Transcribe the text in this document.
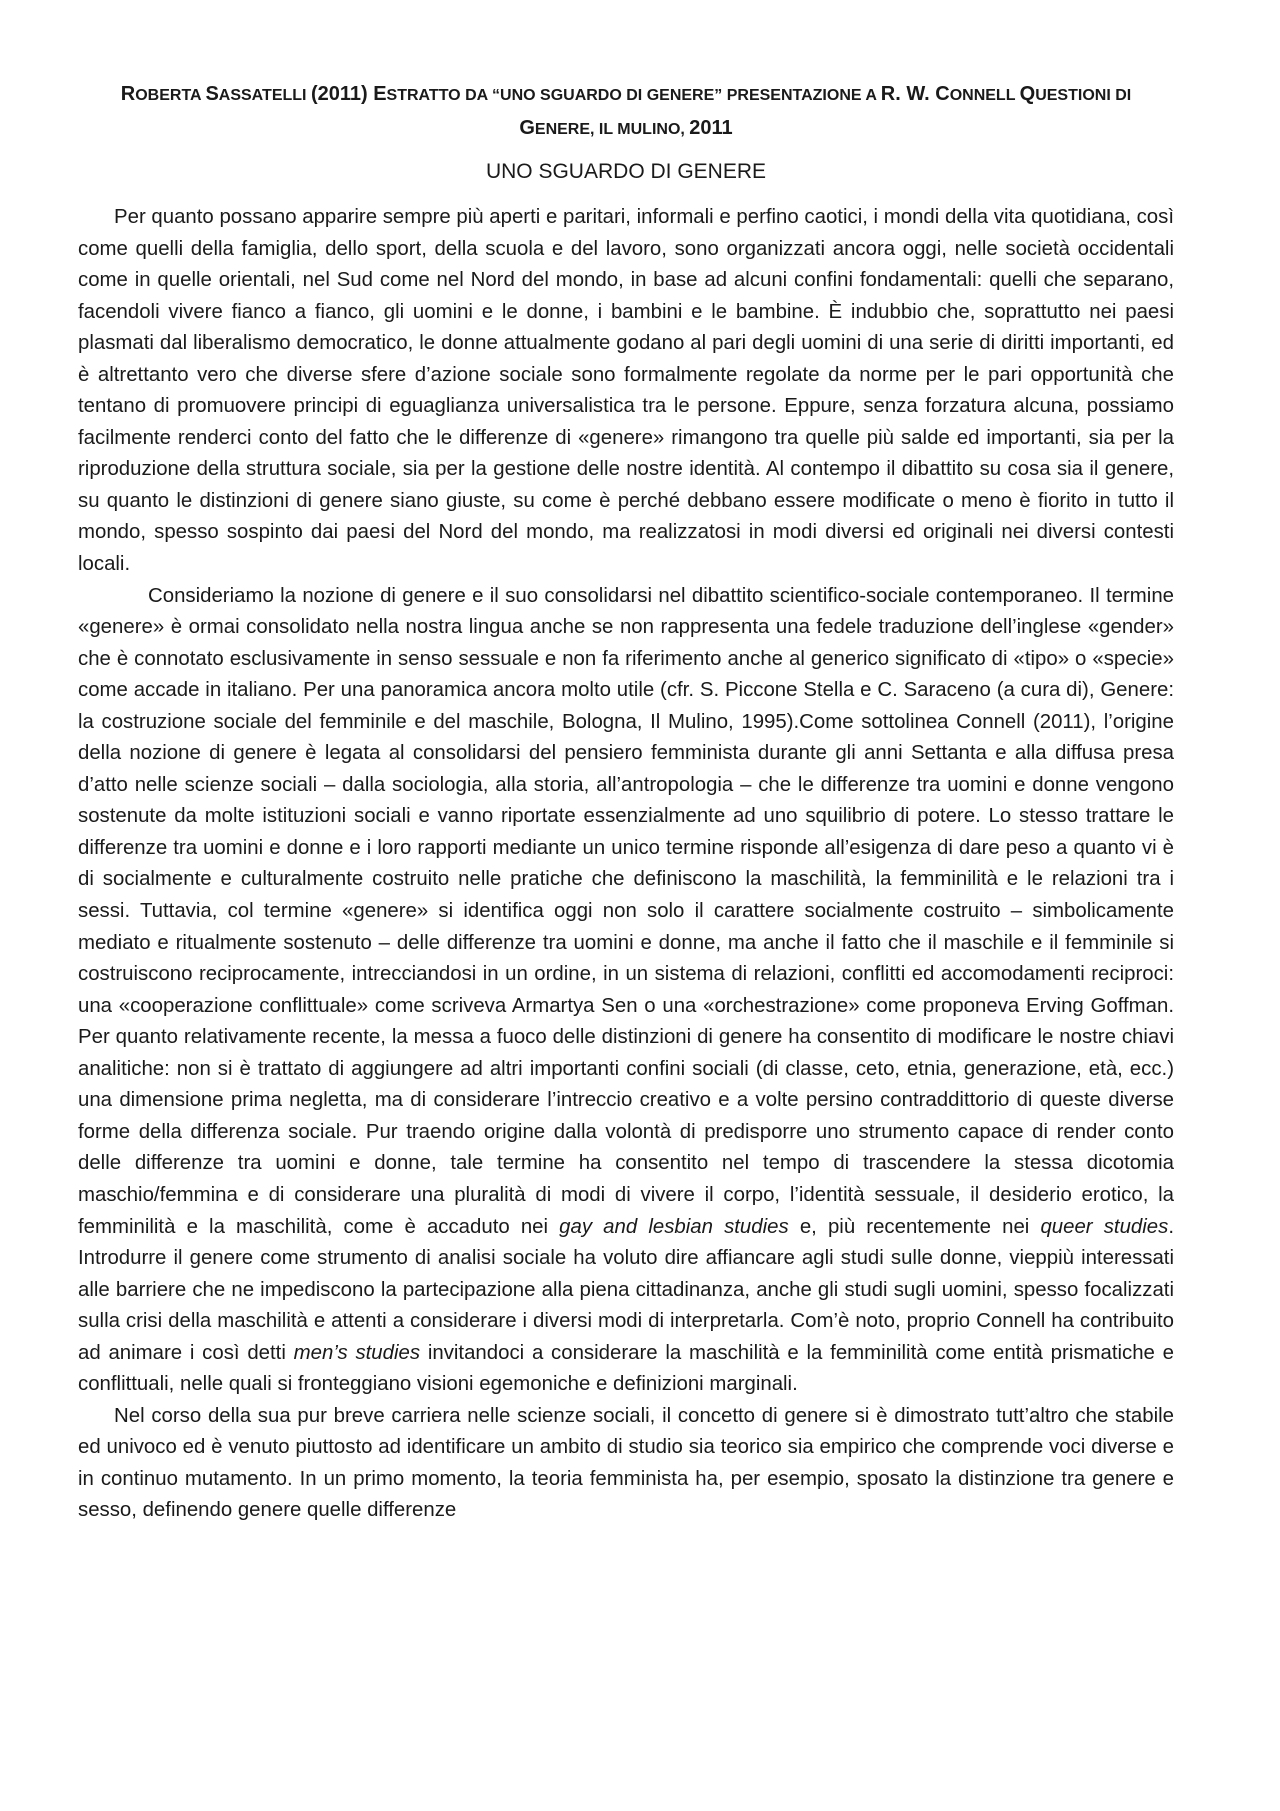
ROBERTA SASSATELLI (2011) ESTRATTO DA “UNO SGUARDO DI GENERE” PRESENTAZIONE A R. W. CONNELL QUESTIONI DI GENERE, IL MULINO, 2011
UNO SGUARDO DI GENERE

Per quanto possano apparire sempre più aperti e paritari, informali e perfino caotici, i mondi della vita quotidiana, così come quelli della famiglia, dello sport, della scuola e del lavoro, sono organizzati ancora oggi, nelle società occidentali come in quelle orientali, nel Sud come nel Nord del mondo, in base ad alcuni confini fondamentali: quelli che separano, facendoli vivere fianco a fianco, gli uomini e le donne, i bambini e le bambine. È indubbio che, soprattutto nei paesi plasmati dal liberalismo democratico, le donne attualmente godano al pari degli uomini di una serie di diritti importanti, ed è altrettanto vero che diverse sfere d’azione sociale sono formalmente regolate da norme per le pari opportunità che tentano di promuovere principi di eguaglianza universalistica tra le persone. Eppure, senza forzatura alcuna, possiamo facilmente renderci conto del fatto che le differenze di «genere» rimangono tra quelle più salde ed importanti, sia per la riproduzione della struttura sociale, sia per la gestione delle nostre identità. Al contempo il dibattito su cosa sia il genere, su quanto le distinzioni di genere siano giuste, su come è perché debbano essere modificate o meno è fiorito in tutto il mondo, spesso sospinto dai paesi del Nord del mondo, ma realizzatosi in modi diversi ed originali nei diversi contesti locali.

Consideriamo la nozione di genere e il suo consolidarsi nel dibattito scientifico-sociale contemporaneo. Il termine «genere» è ormai consolidato nella nostra lingua anche se non rappresenta una fedele traduzione dell’inglese «gender» che è connotato esclusivamente in senso sessuale e non fa riferimento anche al generico significato di «tipo» o «specie» come accade in italiano. Per una panoramica ancora molto utile (cfr. S. Piccone Stella e C. Saraceno (a cura di), Genere: la costruzione sociale del femminile e del maschile, Bologna, Il Mulino, 1995).Come sottolinea Connell (2011), l’origine della nozione di genere è legata al consolidarsi del pensiero femminista durante gli anni Settanta e alla diffusa presa d’atto nelle scienze sociali – dalla sociologia, alla storia, all’antropologia – che le differenze tra uomini e donne vengono sostenute da molte istituzioni sociali e vanno riportate essenzialmente ad uno squilibrio di potere. Lo stesso trattare le differenze tra uomini e donne e i loro rapporti mediante un unico termine risponde all’esigenza di dare peso a quanto vi è di socialmente e culturalmente costruito nelle pratiche che definiscono la maschilità, la femminilità e le relazioni tra i sessi. Tuttavia, col termine «genere» si identifica oggi non solo il carattere socialmente costruito – simbolicamente mediato e ritualmente sostenuto – delle differenze tra uomini e donne, ma anche il fatto che il maschile e il femminile si costruiscono reciprocamente, intrecciandosi in un ordine, in un sistema di relazioni, conflitti ed accomodamenti reciproci: una «cooperazione conflittuale» come scriveva Armartya Sen o una «orchestrazione» come proponeva Erving Goffman. Per quanto relativamente recente, la messa a fuoco delle distinzioni di genere ha consentito di modificare le nostre chiavi analitiche: non si è trattato di aggiungere ad altri importanti confini sociali (di classe, ceto, etnia, generazione, età, ecc.) una dimensione prima negletta, ma di considerare l’intreccio creativo e a volte persino contraddittorio di queste diverse forme della differenza sociale. Pur traendo origine dalla volontà di predisporre uno strumento capace di render conto delle differenze tra uomini e donne, tale termine ha consentito nel tempo di trascendere la stessa dicotomia maschio/femmina e di considerare una pluralità di modi di vivere il corpo, l’identità sessuale, il desiderio erotico, la femminilità e la maschilità, come è accaduto nei gay and lesbian studies e, più recentemente nei queer studies. Introdurre il genere come strumento di analisi sociale ha voluto dire affiancare agli studi sulle donne, vieppiù interessati alle barriere che ne impediscono la partecipazione alla piena cittadinanza, anche gli studi sugli uomini, spesso focalizzati sulla crisi della maschilità e attenti a considerare i diversi modi di interpretarla. Com’è noto, proprio Connell ha contribuito ad animare i così detti men’s studies invitandoci a considerare la maschilità e la femminilità come entità prismatiche e conflittuali, nelle quali si fronteggiano visioni egemoniche e definizioni marginali.

Nel corso della sua pur breve carriera nelle scienze sociali, il concetto di genere si è dimostrato tutt’altro che stabile ed univoco ed è venuto piuttosto ad identificare un ambito di studio sia teorico sia empirico che comprende voci diverse e in continuo mutamento. In un primo momento, la teoria femminista ha, per esempio, sposato la distinzione tra genere e sesso, definendo genere quelle differenze
